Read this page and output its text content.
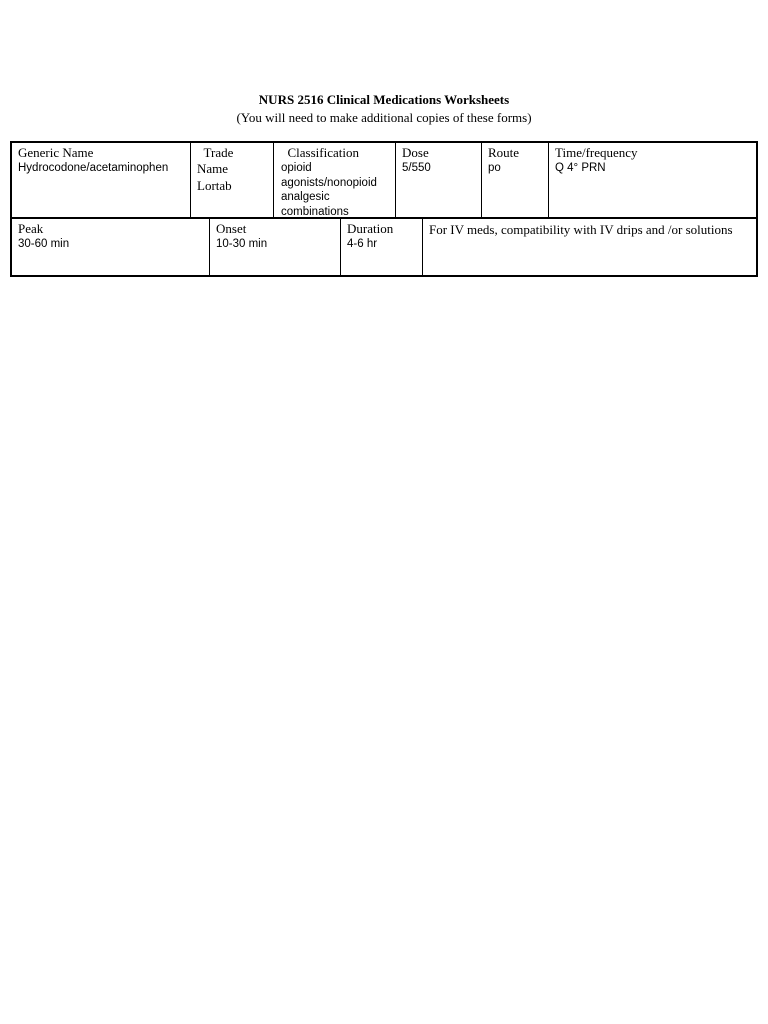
NURS 2516 Clinical Medications Worksheets
(You will need to make additional copies of these forms)
Generic Name
Hydrocodone/acetaminophen
Trade
Name
Lortab
Classification
opioid
agonists/nonopioid
analgesic
combinations
Dose
5/550
Route
po
Time/frequency
Q 4° PRN
Peak
30-60 min
Onset
10-30 min
Duration
4-6 hr
For IV meds, compatibility with IV drips and /or solutions
